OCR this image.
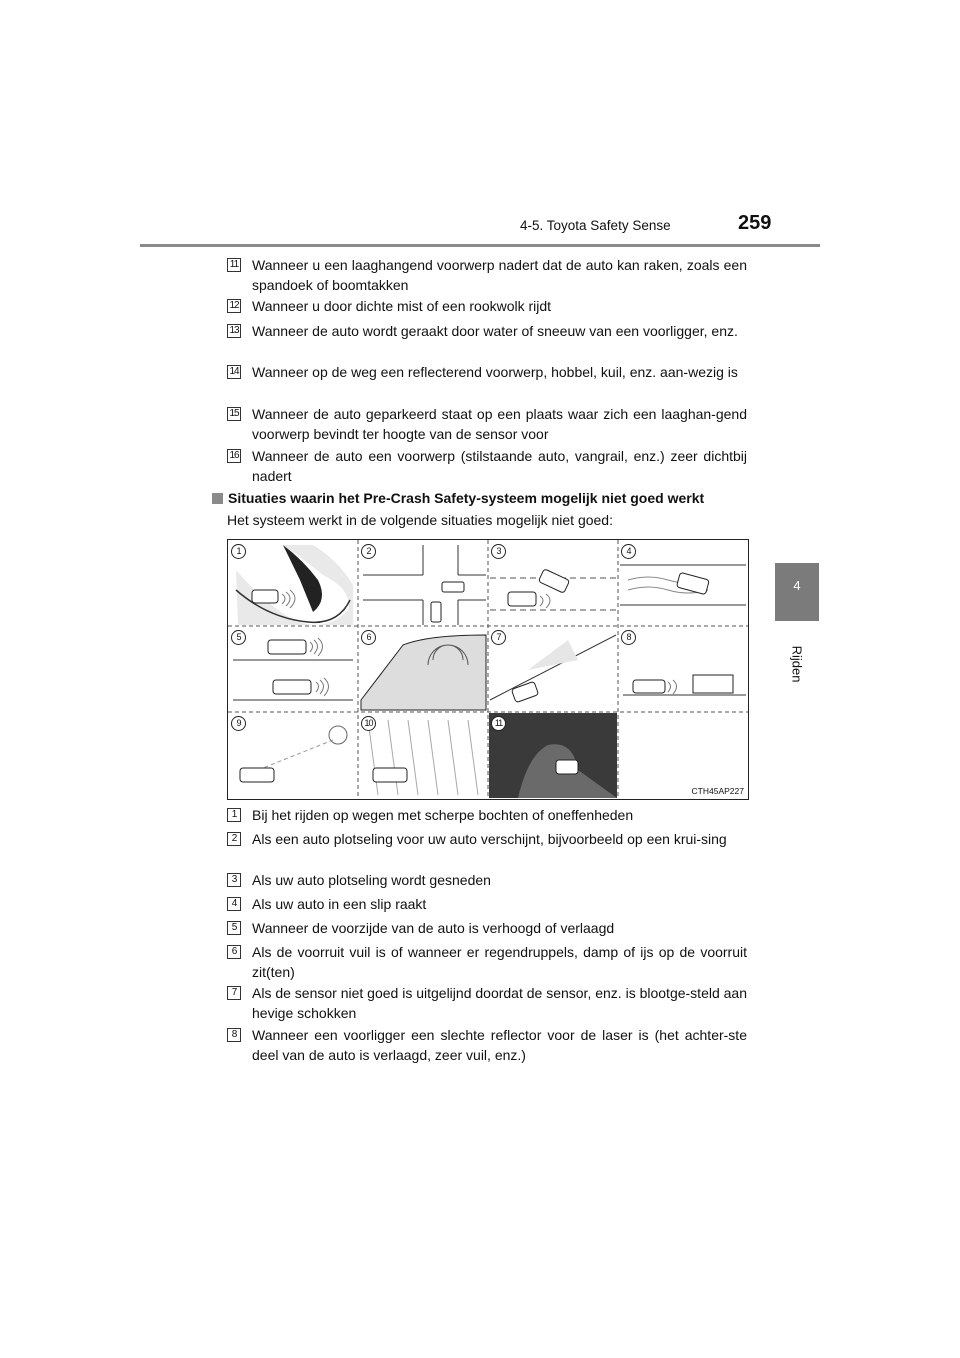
4-5. Toyota Safety Sense	259
4
Rijden
11 Wanneer u een laaghangend voorwerp nadert dat de auto kan raken, zoals een spandoek of boomtakken
12 Wanneer u door dichte mist of een rookwolk rijdt
13 Wanneer de auto wordt geraakt door water of sneeuw van een voorligger, enz.
14 Wanneer op de weg een reflecterend voorwerp, hobbel, kuil, enz. aan-wezig is
15 Wanneer de auto geparkeerd staat op een plaats waar zich een laaghan-gend voorwerp bevindt ter hoogte van de sensor voor
16 Wanneer de auto een voorwerp (stilstaande auto, vangrail, enz.) zeer dichtbij nadert
Situaties waarin het Pre-Crash Safety-systeem mogelijk niet goed werkt
Het systeem werkt in de volgende situaties mogelijk niet goed:
CTH45AP227
1	2	3	4
5	6	7	8
9	10	11
1	Bij het rijden op wegen met scherpe bochten of oneffenheden
2	Als een auto plotseling voor uw auto verschijnt, bijvoorbeeld op een krui-sing
3	Als uw auto plotseling wordt gesneden
4	Als uw auto in een slip raakt
5	Wanneer de voorzijde van de auto is verhoogd of verlaagd
6	Als de voorruit vuil is of wanneer er regendruppels, damp of ijs op de voorruit zit(ten)
7	Als de sensor niet goed is uitgelijnd doordat de sensor, enz. is blootge-steld aan hevige schokken
8	Wanneer een voorligger een slechte reflector voor de laser is (het achter-ste deel van de auto is verlaagd, zeer vuil, enz.)
